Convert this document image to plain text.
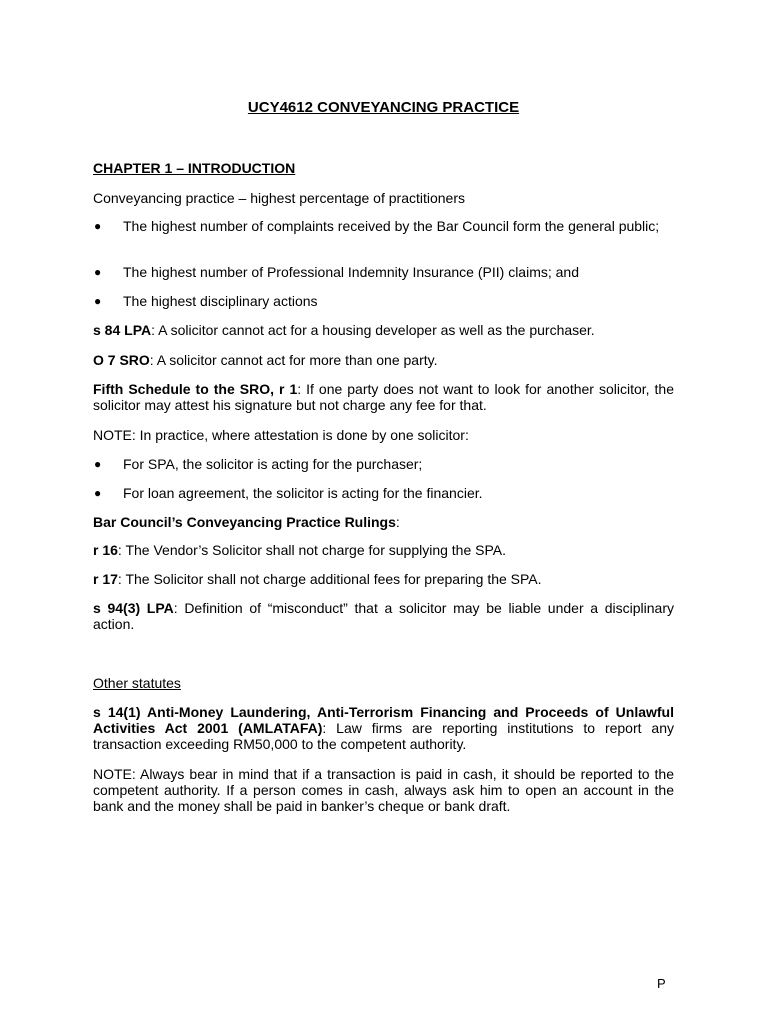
UCY4612 CONVEYANCING PRACTICE
CHAPTER 1 – INTRODUCTION
Conveyancing practice – highest percentage of practitioners
●	The highest number of complaints received by the Bar Council form the general public;
●	The highest number of Professional Indemnity Insurance (PII) claims; and
●	The highest disciplinary actions
s 84 LPA: A solicitor cannot act for a housing developer as well as the purchaser.
O 7 SRO: A solicitor cannot act for more than one party.
Fifth Schedule to the SRO, r 1: If one party does not want to look for another solicitor, the solicitor may attest his signature but not charge any fee for that.
NOTE: In practice, where attestation is done by one solicitor:
●	For SPA, the solicitor is acting for the purchaser;
●	For loan agreement, the solicitor is acting for the financier.
Bar Council’s Conveyancing Practice Rulings:
r 16: The Vendor’s Solicitor shall not charge for supplying the SPA.
r 17: The Solicitor shall not charge additional fees for preparing the SPA.
s 94(3) LPA: Definition of “misconduct” that a solicitor may be liable under a disciplinary action.
Other statutes
s 14(1) Anti-Money Laundering, Anti-Terrorism Financing and Proceeds of Unlawful Activities Act 2001 (AMLATAFA): Law firms are reporting institutions to report any transaction exceeding RM50,000 to the competent authority.
NOTE: Always bear in mind that if a transaction is paid in cash, it should be reported to the competent authority. If a person comes in cash, always ask him to open an account in the bank and the money shall be paid in banker’s cheque or bank draft.
P
